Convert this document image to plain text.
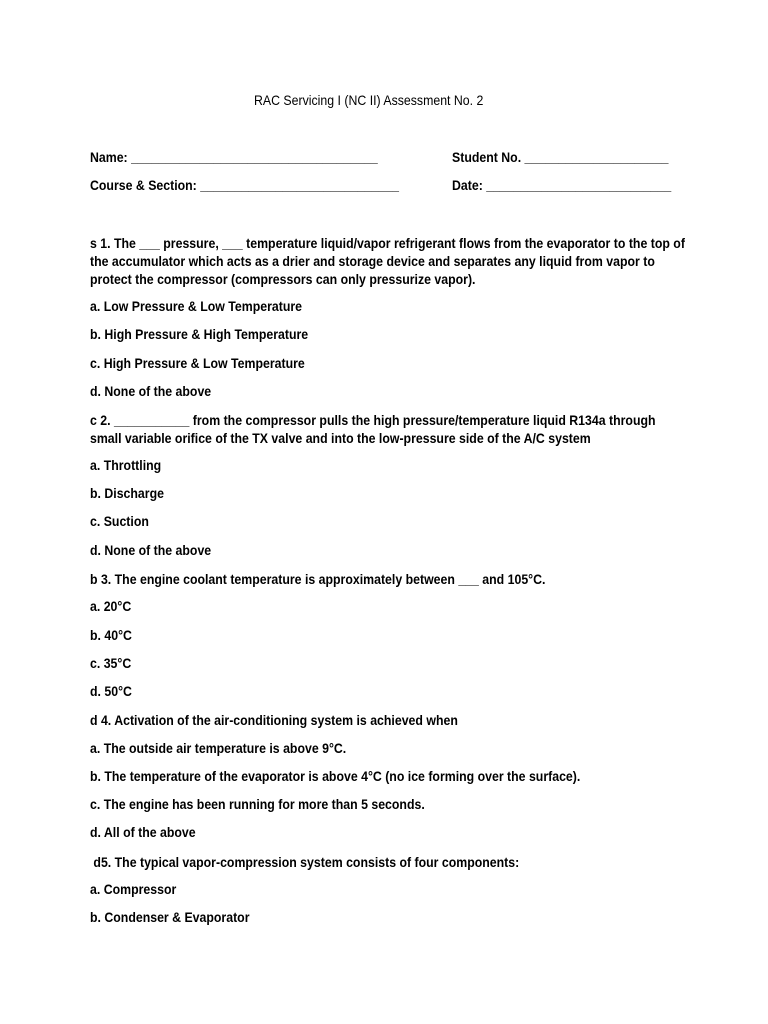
RAC Servicing I (NC II) Assessment No. 2
Name: ____________________________________	Student No. _____________________
Course & Section: _____________________________	Date: ___________________________
s 1. The ___ pressure, ___ temperature liquid/vapor refrigerant flows from the evaporator to the top of the accumulator which acts as a drier and storage device and separates any liquid from vapor to protect the compressor (compressors can only pressurize vapor).
a. Low Pressure & Low Temperature
b. High Pressure & High Temperature
c. High Pressure & Low Temperature
d. None of the above
c 2. ___________ from the compressor pulls the high pressure/temperature liquid R134a through small variable orifice of the TX valve and into the low-pressure side of the A/C system
a. Throttling
b. Discharge
c. Suction
d. None of the above
b 3. The engine coolant temperature is approximately between ___ and 105°C.
a. 20°C
b. 40°C
c. 35°C
d. 50°C
d 4. Activation of the air-conditioning system is achieved when
a. The outside air temperature is above 9°C.
b. The temperature of the evaporator is above 4°C (no ice forming over the surface).
c. The engine has been running for more than 5 seconds.
d. All of the above
d5. The typical vapor-compression system consists of four components:
a. Compressor
b. Condenser & Evaporator
